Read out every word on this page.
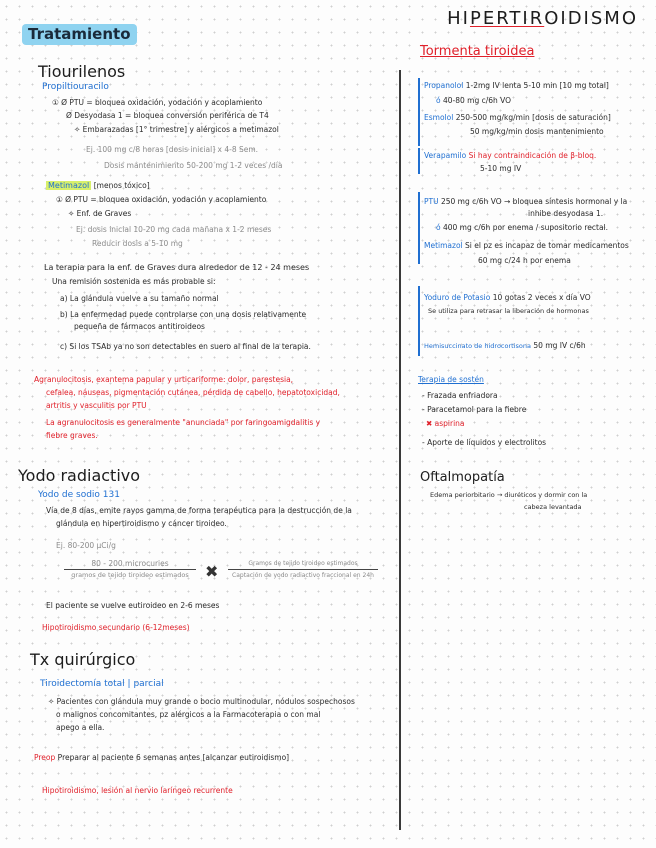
Tratamiento
HIPERTIROIDISMO
Tiourilenos
Propiltiouracilo
① Ø PTU = bloquea oxidación, yodación y acoplamiento
Ø Desyodasa 1 = bloquea conversión periférica de T4
✧ Embarazadas [1° trimestre] y alérgicos a metimazol
Ej. 100 mg c/8 horas [dosis inicial] x 4-8 Sem.
Dosis mantenimiento 50-200 mg 1-2 veces /día
Metimazol [menos tóxico]
① Ø PTU = bloquea oxidación, yodación y acoplamiento
✧ Enf. de Graves
Ej. dosis inicial 10-20 mg cada mañana x 1-2 meses
Reducir dosis a 5-10 mg
La terapia para la enf. de Graves dura alrededor de 12 - 24 meses
Una remisión sostenida es más probable si:
a) La glándula vuelve a su tamaño normal
b) La enfermedad puede controlarse con una dosis relativamente
pequeña de fármacos antitiroideos
c) Si los TSAb ya no son detectables en suero al final de la terapia.
Agranulocitosis, exantema papular y urticariforme: dolor, parestesia,
cefalea, náuseas, pigmentación cutánea, pérdida de cabello, hepatotoxicidad,
artritis y vasculitis por PTU
La agranulocitosis es generalmente "anunciada" por faringoamigdalitis y
fiebre graves.
Yodo radiactivo
Yodo de sodio 131
Vía de 8 días, emite rayos gamma de forma terapéutica para la destrucción de la
glándula en hipertiroidismo y cáncer tiroideo.
Ej. 80-200 µCi/g
80 - 200 microcuries
gramos de tejido tiroideo estimados	✖	Gramos de tejido tiroideo estimados
Captación de yodo radiactivo fraccional en 24h
El paciente se vuelve eutiroideo en 2-6 meses
Hipotiroidismo secundario (6-12meses)
Tx quirúrgico
Tiroidectomía total | parcial
✧ Pacientes con glándula muy grande o bocio multinodular, nódulos sospechosos
o malignos concomitantes, pz alérgicos a la Farmacoterapia o con mal
apego a ella.
Preop Preparar al paciente 6 semanas antes [alcanzar eutiroidismo]
Hipotiroidismo, lesión al nervio laríngeo recurrente
Tormenta tiroidea
Propanolol 1-2mg IV lenta 5-10 min [10 mg total]
ó 40-80 mg c/6h VO
Esmolol 250-500 mg/kg/min [dosis de saturación]
50 mg/kg/min dosis mantenimiento
Verapamilo Si hay contraindicación de β-bloq.
5-10 mg IV
PTU 250 mg c/6h VO → bloquea síntesis hormonal y la
inhibe desyodasa 1.
ó 400 mg c/6h por enema / supositorio rectal.
Metimazol Si el pz es incapaz de tomar medicamentos
60 mg c/24 h por enema
Yoduro de Potasio 10 gotas 2 veces x día VO
Se utiliza para retrasar la liberación de hormonas
Hemisuccinato de hidrocortisona 50 mg IV c/6h
Terapia de sostén
- Frazada enfriadora
- Paracetamol para la fiebre
✖ aspirina
- Aporte de líquidos y electrolitos
Oftalmopatía
Edema periorbitario → diuréticos y dormir con la
cabeza levantada
